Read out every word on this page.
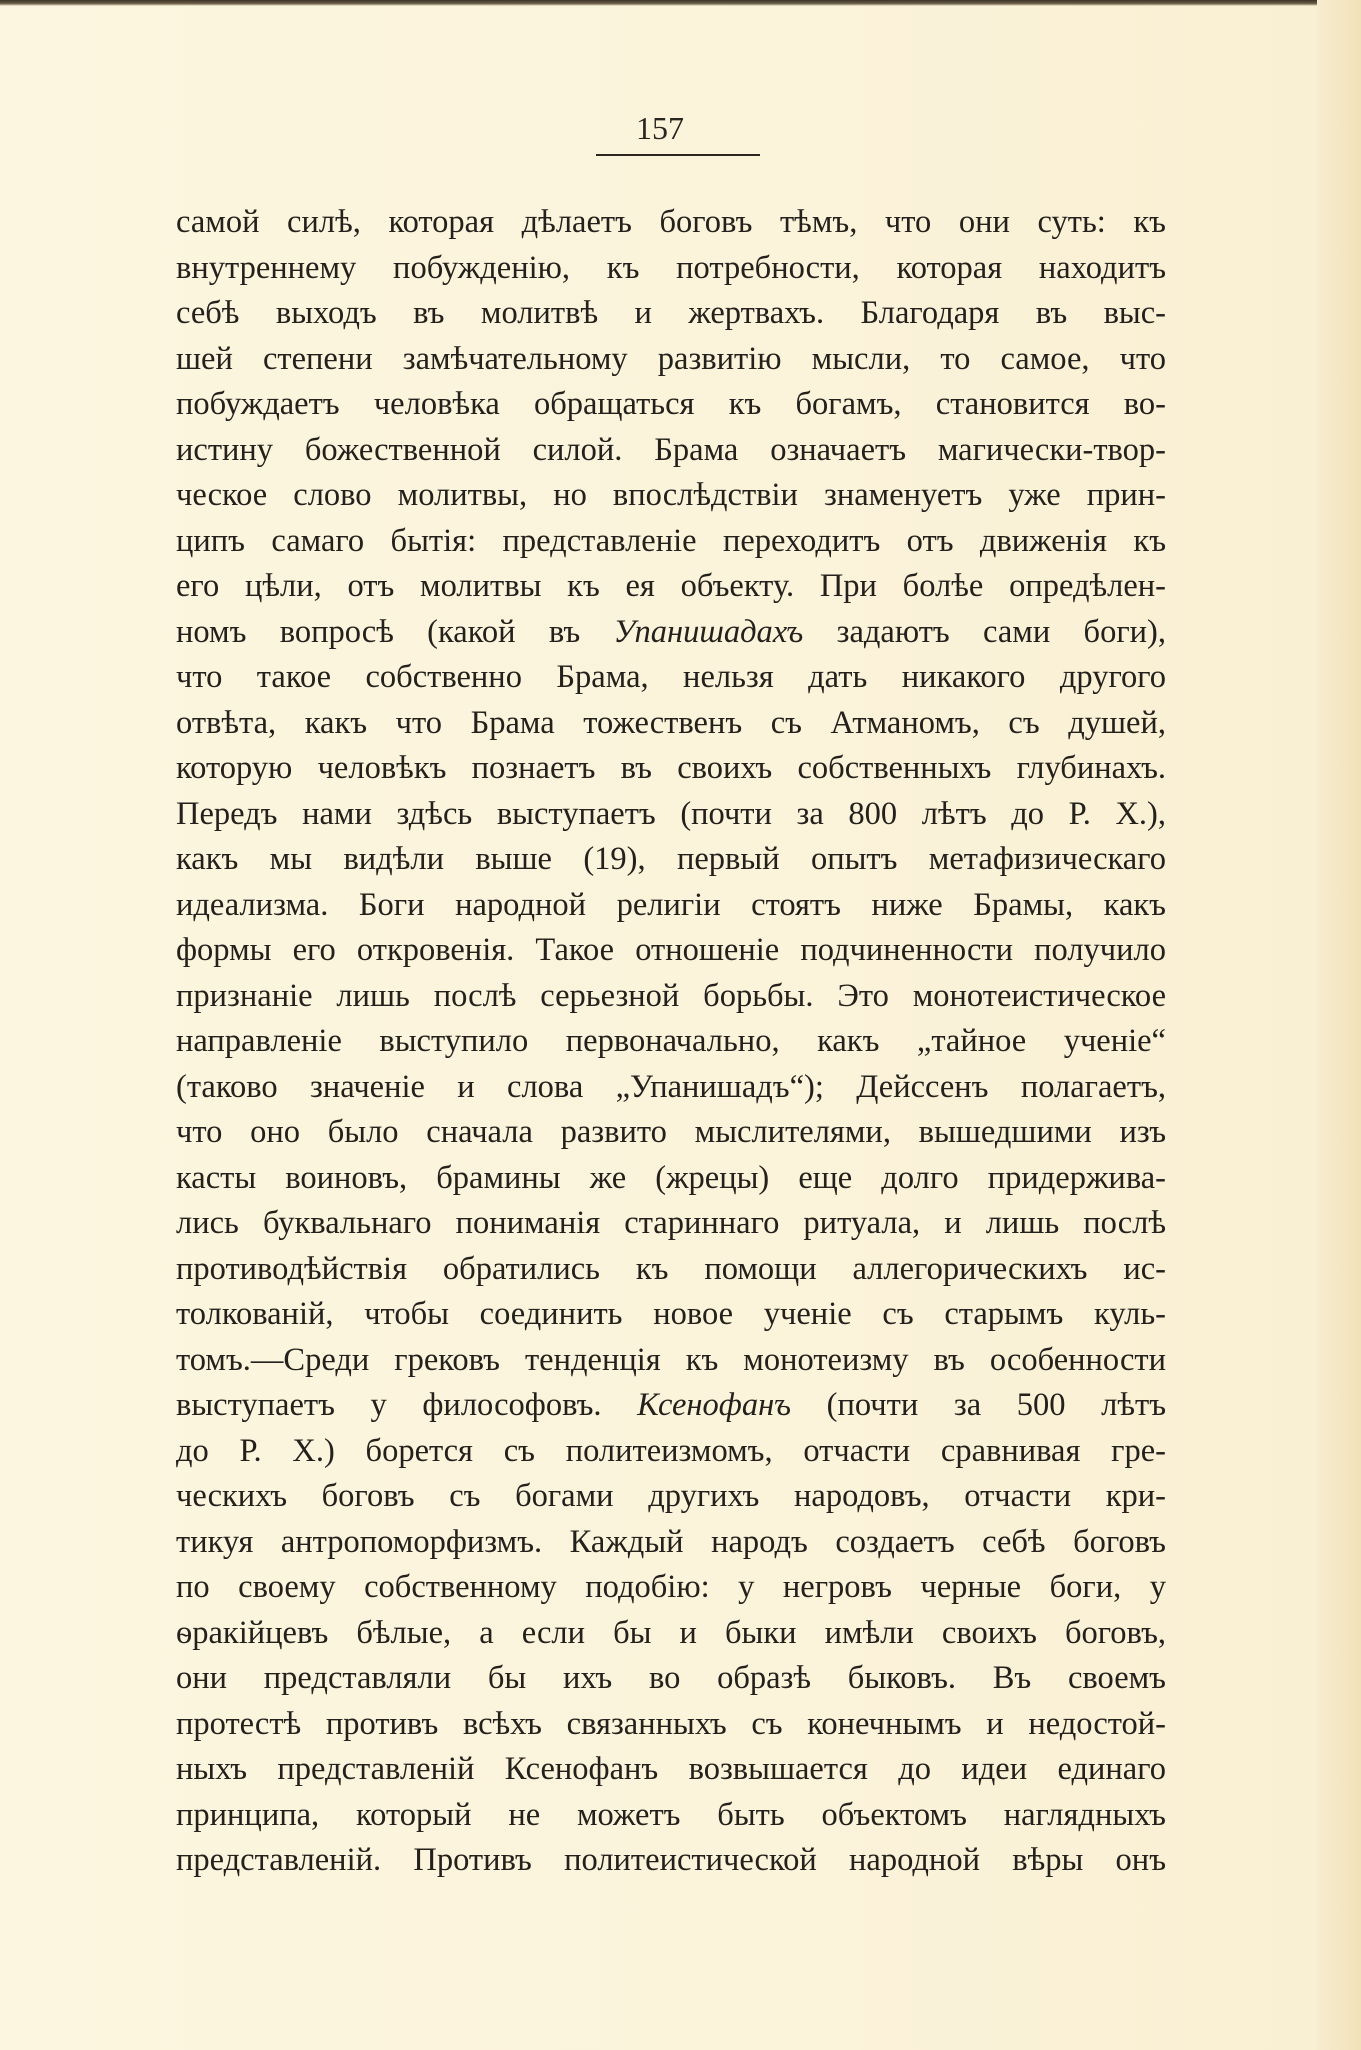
157
самой силѣ, которая дѣлаетъ боговъ тѣмъ, что они суть: къ
внутреннему побужденію, къ потребности, которая находитъ
себѣ выходъ въ молитвѣ и жертвахъ. Благодаря въ выс-
шей степени замѣчательному развитію мысли, то самое, что
побуждаетъ человѣка обращаться къ богамъ, становится во-
истину божественной силой. Брама означаетъ магически-твор-
ческое слово молитвы, но впослѣдствіи знаменуетъ уже прин-
ципъ самаго бытія: представленіе переходитъ отъ движенія къ
его цѣли, отъ молитвы къ ея объекту. При болѣе опредѣлен-
номъ вопросѣ (какой въ Упанишадахъ задаютъ сами боги),
что такое собственно Брама, нельзя дать никакого другого
отвѣта, какъ что Брама тожественъ съ Атманомъ, съ душей,
которую человѣкъ познаетъ въ своихъ собственныхъ глубинахъ.
Передъ нами здѣсь выступаетъ (почти за 800 лѣтъ до Р. Х.),
какъ мы видѣли выше (19), первый опытъ метафизическаго
идеализма. Боги народной религіи стоятъ ниже Брамы, какъ
формы его откровенія. Такое отношеніе подчиненности получило
признаніе лишь послѣ серьезной борьбы. Это монотеистическое
направленіе выступило первоначально, какъ „тайное ученіе“
(таково значеніе и слова „Упанишадъ“); Дейссенъ полагаетъ,
что оно было сначала развито мыслителями, вышедшими изъ
касты воиновъ, брамины же (жрецы) еще долго придержива-
лись буквальнаго пониманія стариннаго ритуала, и лишь послѣ
противодѣйствія обратились къ помощи аллегорическихъ ис-
толкованій, чтобы соединить новое ученіе съ старымъ куль-
томъ.—Среди грековъ тенденція къ монотеизму въ особенности
выступаетъ у философовъ. Ксенофанъ (почти за 500 лѣтъ
до Р. Х.) борется съ политеизмомъ, отчасти сравнивая гре-
ческихъ боговъ съ богами другихъ народовъ, отчасти кри-
тикуя антропоморфизмъ. Каждый народъ создаетъ себѣ боговъ
по своему собственному подобію: у негровъ черные боги, у
ѳракійцевъ бѣлые, а если бы и быки имѣли своихъ боговъ,
они представляли бы ихъ во образѣ быковъ. Въ своемъ
протестѣ противъ всѣхъ связанныхъ съ конечнымъ и недостой-
ныхъ представленій Ксенофанъ возвышается до идеи единаго
принципа, который не можетъ быть объектомъ наглядныхъ
представленій. Противъ политеистической народной вѣры онъ
